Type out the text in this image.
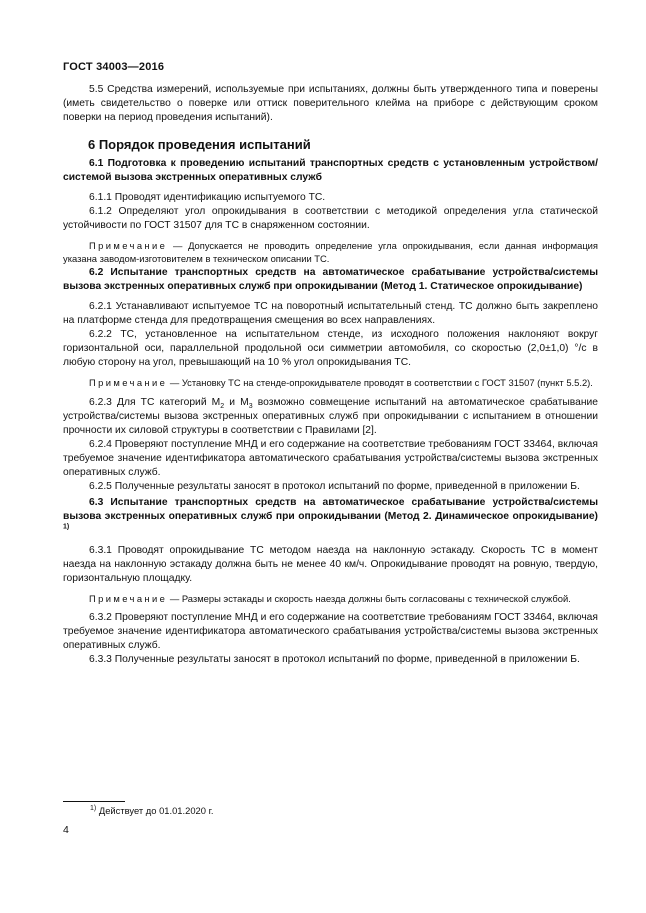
ГОСТ 34003—2016

5.5 Средства измерений, используемые при испытаниях, должны быть утвержденного типа и поверены (иметь свидетельство о поверке или оттиск поверительного клейма на приборе с действующим сроком поверки на период проведения испытаний).

6 Порядок проведения испытаний

6.1 Подготовка к проведению испытаний транспортных средств с установленным устройством/системой вызова экстренных оперативных служб

6.1.1 Проводят идентификацию испытуемого ТС.

6.1.2 Определяют угол опрокидывания в соответствии с методикой определения угла статической устойчивости по ГОСТ 31507 для ТС в снаряженном состоянии.

Примечание — Допускается не проводить определение угла опрокидывания, если данная информация указана заводом-изготовителем в техническом описании ТС.

6.2 Испытание транспортных средств на автоматическое срабатывание устройства/системы вызова экстренных оперативных служб при опрокидывании (Метод 1. Статическое опрокидывание)

6.2.1 Устанавливают испытуемое ТС на поворотный испытательный стенд. ТС должно быть закреплено на платформе стенда для предотвращения смещения во всех направлениях.

6.2.2 ТС, установленное на испытательном стенде, из исходного положения наклоняют вокруг горизонтальной оси, параллельной продольной оси симметрии автомобиля, со скоростью (2,0±1,0) °/с в любую сторону на угол, превышающий на 10 % угол опрокидывания ТС.

Примечание — Установку ТС на стенде-опрокидывателе проводят в соответствии с ГОСТ 31507 (пункт 5.5.2).

6.2.3 Для ТС категорий $M_2$ и $M_3$ возможно совмещение испытаний на автоматическое срабатывание устройства/системы вызова экстренных оперативных служб при опрокидывании с испытанием в отношении прочности их силовой структуры в соответствии с Правилами [2].

6.2.4 Проверяют поступление МНД и его содержание на соответствие требованиям ГОСТ 33464, включая требуемое значение идентификатора автоматического срабатывания устройства/системы вызова экстренных оперативных служб.

6.2.5 Полученные результаты заносят в протокол испытаний по форме, приведенной в приложении Б.

6.3 Испытание транспортных средств на автоматическое срабатывание устройства/системы вызова экстренных оперативных служб при опрокидывании (Метод 2. Динамическое опрокидывание) $^{1)}$

6.3.1 Проводят опрокидывание ТС методом наезда на наклонную эстакаду. Скорость ТС в момент наезда на наклонную эстакаду должна быть не менее 40 км/ч. Опрокидывание проводят на ровную, твердую, горизонтальную площадку.

Примечание — Размеры эстакады и скорость наезда должны быть согласованы с технической службой.

6.3.2 Проверяют поступление МНД и его содержание на соответствие требованиям ГОСТ 33464, включая требуемое значение идентификатора автоматического срабатывания устройства/системы вызова экстренных оперативных служб.

6.3.3 Полученные результаты заносят в протокол испытаний по форме, приведенной в приложении Б.

$^{1)}$ Действует до 01.01.2020 г.
4
